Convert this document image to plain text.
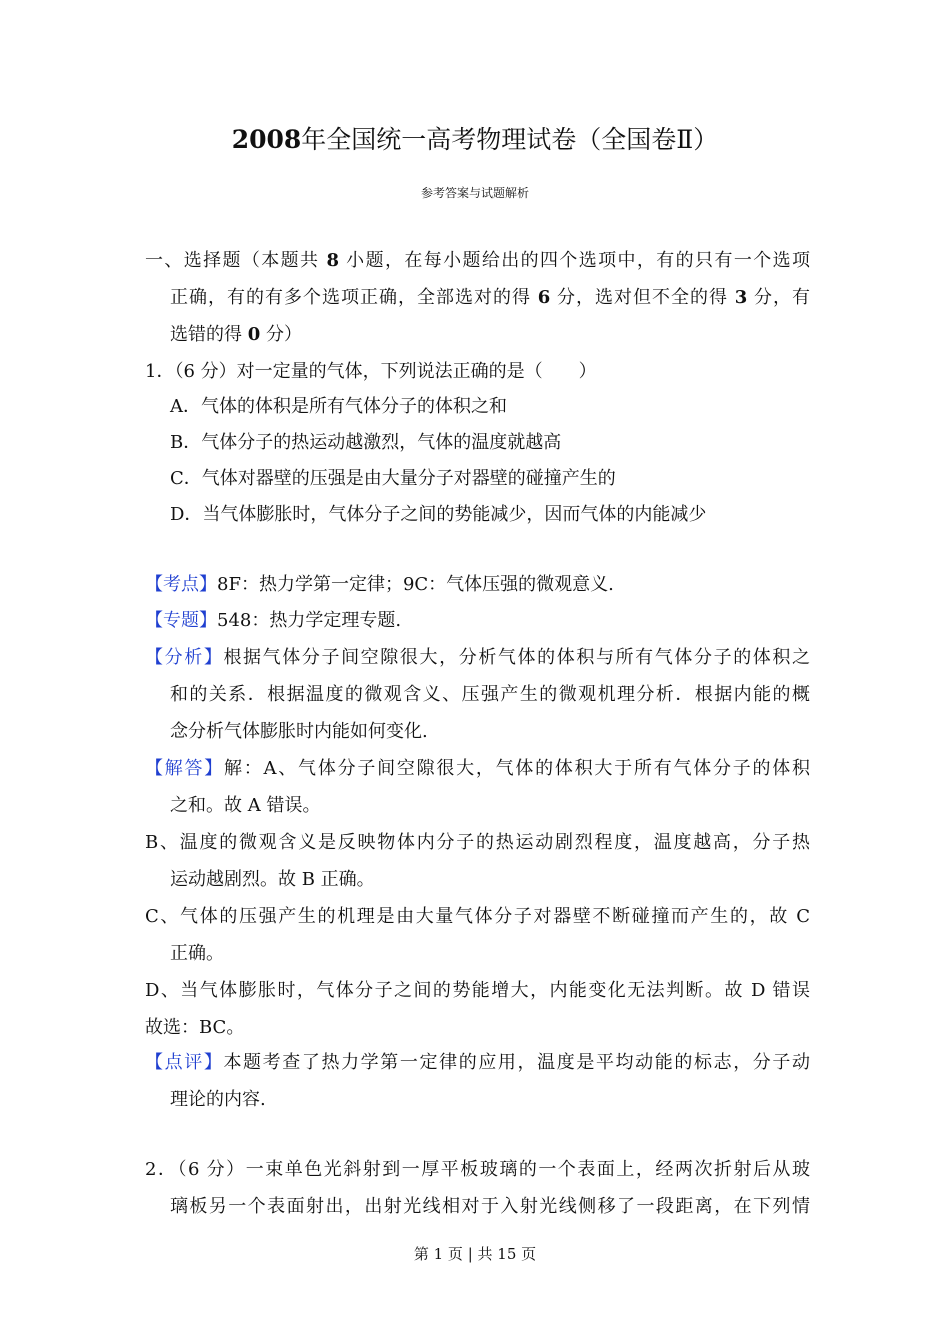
2008年全国统一高考物理试卷（全国卷Ⅱ）
参考答案与试题解析
一、选择题（本题共 8 小题，在每小题给出的四个选项中，有的只有一个选项
正确，有的有多个选项正确，全部选对的得 6 分，选对但不全的得 3 分，有
选错的得 0 分）
1．（6 分）对一定量的气体，下列说法正确的是（　　）
A．气体的体积是所有气体分子的体积之和
B．气体分子的热运动越激烈，气体的温度就越高
C．气体对器壁的压强是由大量分子对器壁的碰撞产生的
D．当气体膨胀时，气体分子之间的势能减少，因而气体的内能减少
【考点】8F：热力学第一定律；9C：气体压强的微观意义.
【专题】548：热力学定理专题.
【分析】根据气体分子间空隙很大，分析气体的体积与所有气体分子的体积之
和的关系．根据温度的微观含义、压强产生的微观机理分析．根据内能的概
念分析气体膨胀时内能如何变化.
【解答】解：A、气体分子间空隙很大，气体的体积大于所有气体分子的体积
之和。故 A 错误。
B、温度的微观含义是反映物体内分子的热运动剧烈程度，温度越高，分子热
运动越剧烈。故 B 正确。
C、气体的压强产生的机理是由大量气体分子对器壁不断碰撞而产生的，故 C
正确。
D、当气体膨胀时，气体分子之间的势能增大，内能变化无法判断。故 D 错误
故选：BC。
【点评】本题考查了热力学第一定律的应用，温度是平均动能的标志，分子动
理论的内容.
2．（6 分）一束单色光斜射到一厚平板玻璃的一个表面上，经两次折射后从玻
璃板另一个表面射出，出射光线相对于入射光线侧移了一段距离，在下列情
第 1 页 | 共 15 页
